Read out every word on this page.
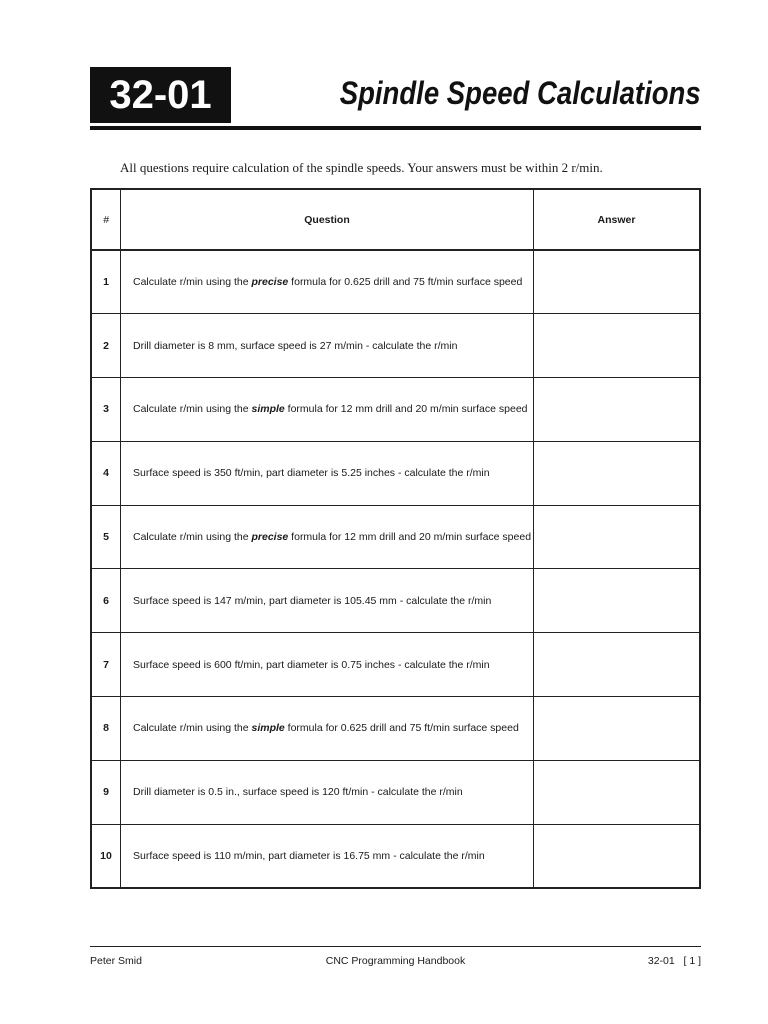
32-01	Spindle Speed Calculations
All questions require calculation of the spindle speeds. Your answers must be within 2 r/min.
#	Question	Answer
1	Calculate r/min using the precise formula for 0.625 drill and 75 ft/min surface speed	
2	Drill diameter is 8 mm, surface speed is 27 m/min - calculate the r/min	
3	Calculate r/min using the simple formula for 12 mm drill and 20 m/min surface speed	
4	Surface speed is 350 ft/min, part diameter is 5.25 inches - calculate the r/min	
5	Calculate r/min using the precise formula for 12 mm drill and 20 m/min surface speed	
6	Surface speed is 147 m/min, part diameter is 105.45 mm - calculate the r/min	
7	Surface speed is 600 ft/min, part diameter is 0.75 inches - calculate the r/min	
8	Calculate r/min using the simple formula for 0.625 drill and 75 ft/min surface speed	
9	Drill diameter is 0.5 in., surface speed is 120 ft/min - calculate the r/min	
10	Surface speed is 110 m/min, part diameter is 16.75 mm - calculate the r/min	
Peter Smid	CNC Programming Handbook	32-01   [ 1 ]
